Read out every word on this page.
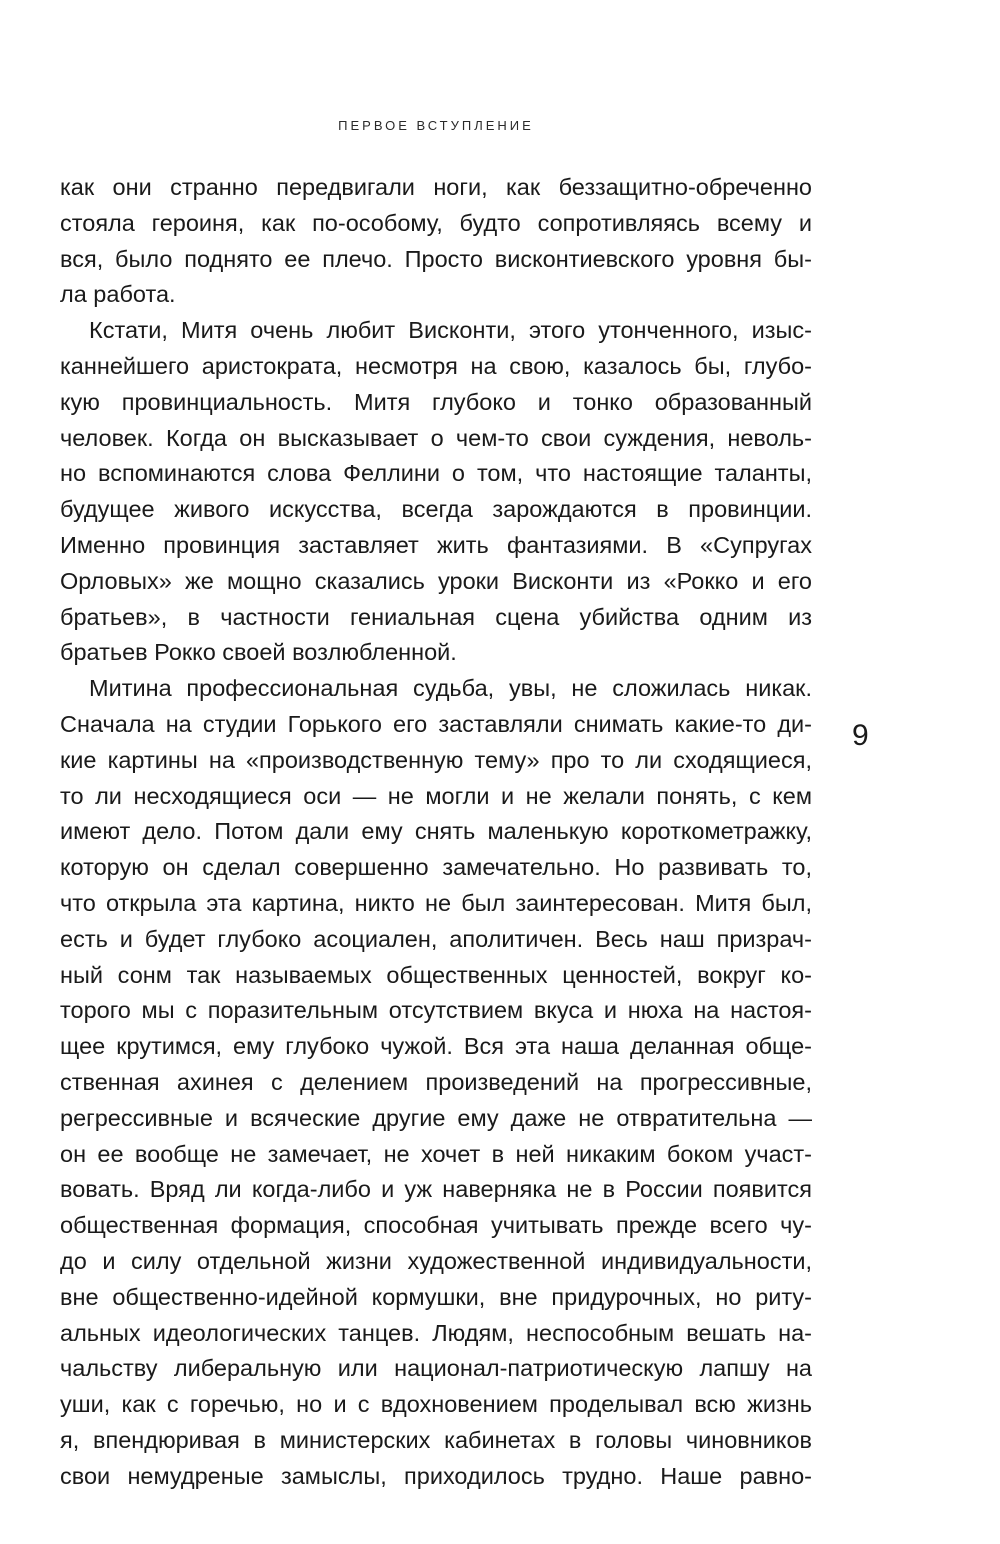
ПЕРВОЕ ВСТУПЛЕНИЕ
как они странно передвигали ноги, как беззащитно-обреченно
стояла героиня, как по-особому, будто сопротивляясь всему и
вся, было поднято ее плечо. Просто висконтиевского уровня бы-
ла работа.
Кстати, Митя очень любит Висконти, этого утонченного, изыс-
каннейшего аристократа, несмотря на свою, казалось бы, глубо-
кую провинциальность. Митя глубоко и тонко образованный
человек. Когда он высказывает о чем-то свои суждения, неволь-
но вспоминаются слова Феллини о том, что настоящие таланты,
будущее живого искусства, всегда зарождаются в провинции.
Именно провинция заставляет жить фантазиями. В «Супругах
Орловых» же мощно сказались уроки Висконти из «Рокко и его
братьев», в частности гениальная сцена убийства одним из
братьев Рокко своей возлюбленной.
Митина профессиональная судьба, увы, не сложилась никак.
Сначала на студии Горького его заставляли снимать какие-то ди-
кие картины на «производственную тему» про то ли сходящиеся,
то ли несходящиеся оси — не могли и не желали понять, с кем
имеют дело. Потом дали ему снять маленькую короткометражку,
которую он сделал совершенно замечательно. Но развивать то,
что открыла эта картина, никто не был заинтересован. Митя был,
есть и будет глубоко асоциален, аполитичен. Весь наш призрач-
ный сонм так называемых общественных ценностей, вокруг ко-
торого мы с поразительным отсутствием вкуса и нюха на настоя-
щее крутимся, ему глубоко чужой. Вся эта наша деланная обще-
ственная ахинея с делением произведений на прогрессивные,
регрессивные и всяческие другие ему даже не отвратительна —
он ее вообще не замечает, не хочет в ней никаким боком участ-
вовать. Вряд ли когда-либо и уж наверняка не в России появится
общественная формация, способная учитывать прежде всего чу-
до и силу отдельной жизни художественной индивидуальности,
вне общественно-идейной кормушки, вне придурочных, но риту-
альных идеологических танцев. Людям, неспособным вешать на-
чальству либеральную или национал-патриотическую лапшу на
уши, как с горечью, но и с вдохновением проделывал всю жизнь
я, впендюривая в министерских кабинетах в головы чиновников
свои немудреные замыслы, приходилось трудно. Наше равно-
9
